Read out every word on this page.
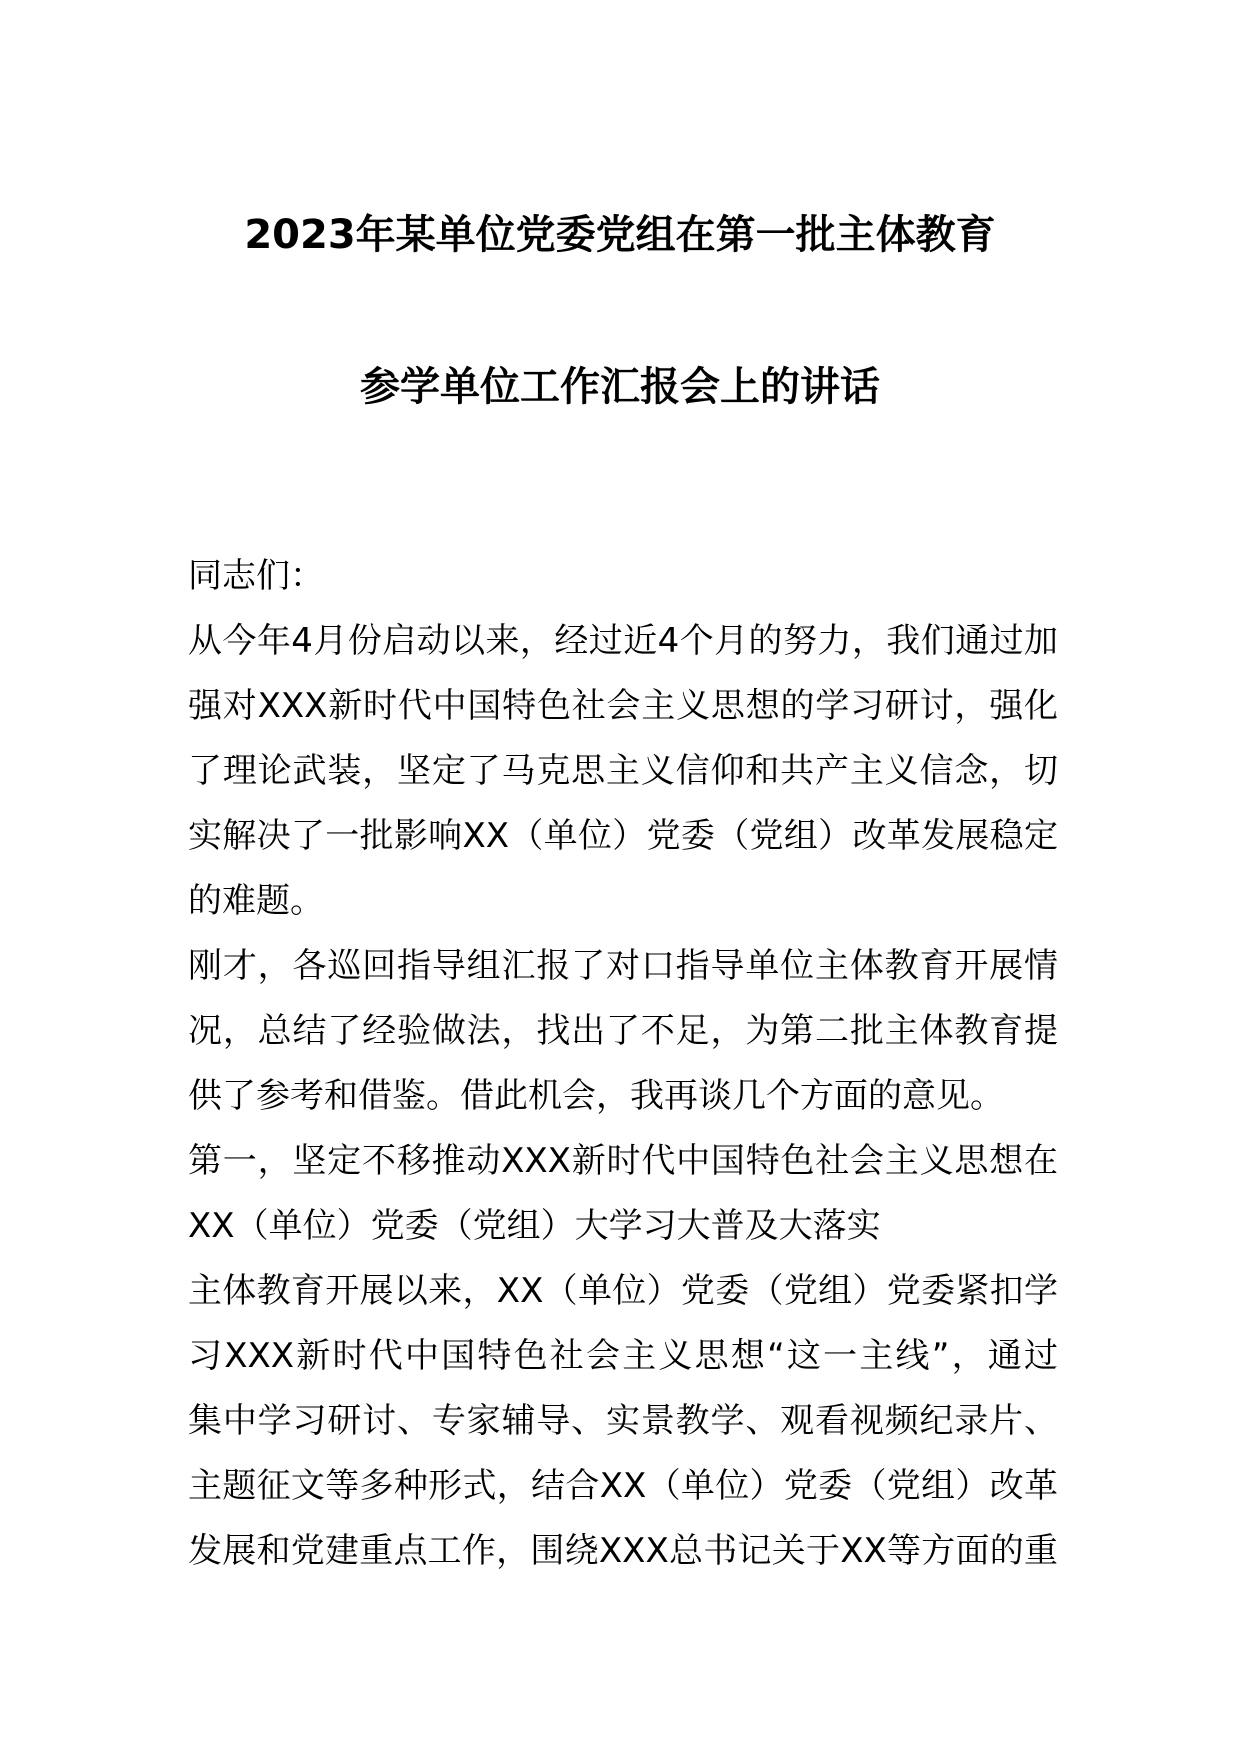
2023年某单位党委党组在第一批主体教育
参学单位工作汇报会上的讲话
同志们：
从今年4月份启动以来，经过近4个月的努力，我们通过加
强对XXX新时代中国特色社会主义思想的学习研讨，强化
了理论武装，坚定了马克思主义信仰和共产主义信念，切
实解决了一批影响XX（单位）党委（党组）改革发展稳定
的难题。
刚才，各巡回指导组汇报了对口指导单位主体教育开展情
况，总结了经验做法，找出了不足，为第二批主体教育提
供了参考和借鉴。借此机会，我再谈几个方面的意见。
第一，坚定不移推动XXX新时代中国特色社会主义思想在
XX（单位）党委（党组）大学习大普及大落实
主体教育开展以来，XX（单位）党委（党组）党委紧扣学
习XXX新时代中国特色社会主义思想“这一主线”，通过
集中学习研讨、专家辅导、实景教学、观看视频纪录片、
主题征文等多种形式，结合XX（单位）党委（党组）改革
发展和党建重点工作，围绕XXX总书记关于XX等方面的重
